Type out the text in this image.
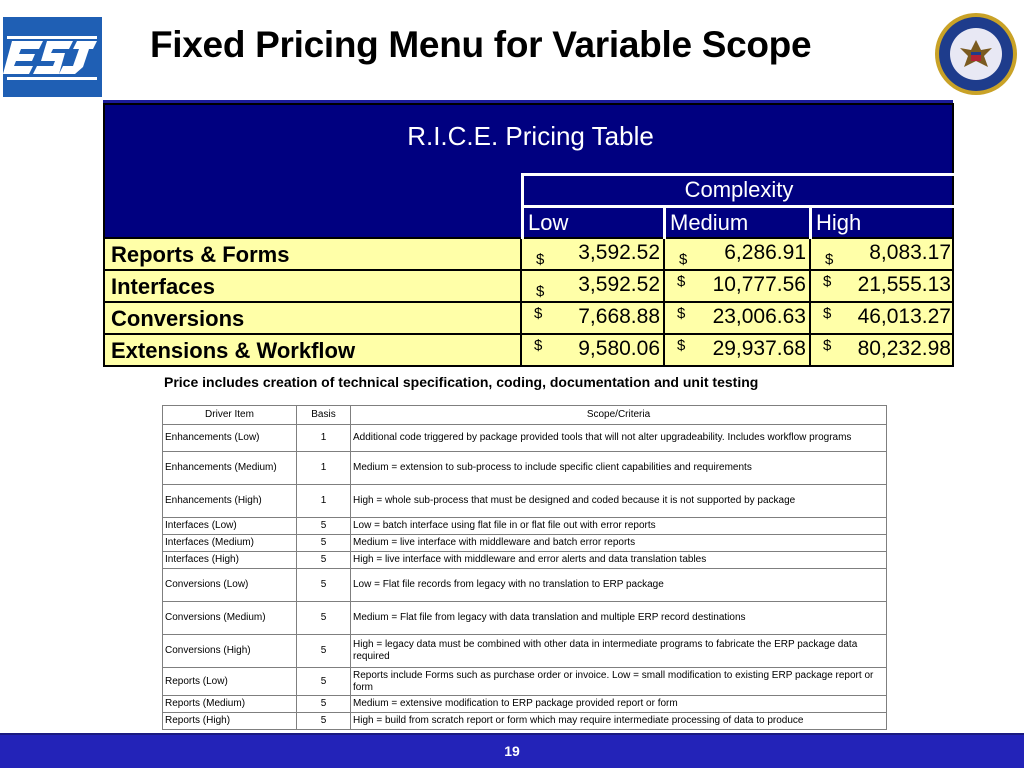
Fixed Pricing Menu for Variable Scope
R.I.C.E. Pricing Table
Complexity
Low	Medium	High
Reports & Forms	$ 3,592.52 $ 6,286.91 $ 8,083.17
Interfaces	$ 3,592.52 $ 10,777.56 $ 21,555.13
Conversions	$ 7,668.88 $ 23,006.63 $ 46,013.27
Extensions & Workflow	$ 9,580.06 $ 29,937.68 $ 80,232.98
Price includes creation of technical specification, coding, documentation and unit testing
Driver Item	Basis	Scope/Criteria
Enhancements (Low)	1	Additional code triggered by package provided tools that will not alter upgradeability. Includes workflow programs
Enhancements (Medium)	1	Medium = extension to sub-process to include specific client capabilities and requirements
Enhancements (High)	1	High = whole sub-process that must be designed and coded because it is not supported by package
Interfaces (Low)	5	Low = batch interface using flat file in or flat file out with error reports
Interfaces (Medium)	5	Medium = live interface with middleware and batch error reports
Interfaces (High)	5	High = live interface with middleware and error alerts and data translation tables
Conversions (Low)	5	Low = Flat file records from legacy with no translation to ERP package
Conversions (Medium)	5	Medium = Flat file from legacy with data translation and multiple ERP record destinations
Conversions (High)	5	High = legacy data must be combined with other data in intermediate programs to fabricate the ERP package data required
Reports (Low)	5	Reports include Forms such as purchase order or invoice. Low = small modification to existing ERP package report or form
Reports (Medium)	5	Medium = extensive modification to ERP package provided report or form
Reports (High)	5	High = build from scratch report or form which may require intermediate processing of data to produce
19
